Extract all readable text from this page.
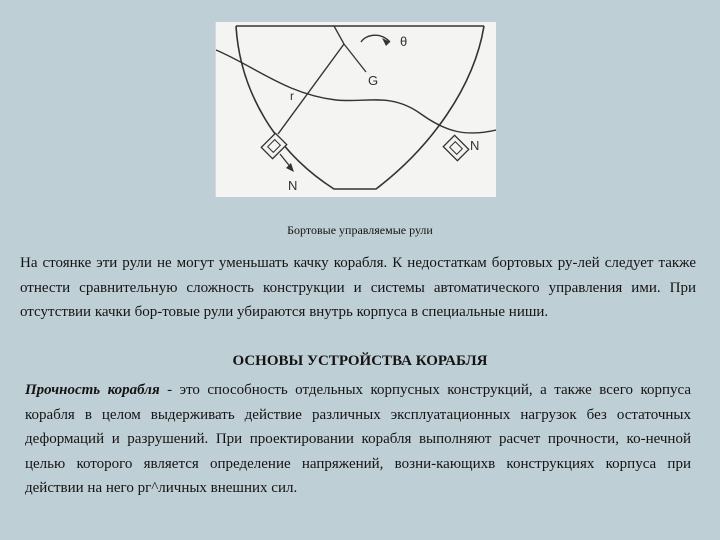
θ
G
r
N
N

Бортовые управляемые рули

На стоянке эти рули не могут уменьшать качку корабля. К недостаткам бортовых ру-лей следует также отнести сравнительную сложность конструкции и системы автоматического управления ими. При отсутствии качки бор-товые рули убираются внутрь корпуса в специальные ниши.

ОСНОВЫ УСТРОЙСТВА КОРАБЛЯ

Прочность корабля - это способность отдельных корпусных конструкций, а также всего корпуса корабля в целом выдерживать действие различных эксплуатационных нагрузок без остаточных деформаций и разрушений. При проектировании корабля выполняют расчет прочности, ко-нечной целью которого является определение напряжений, возни-кающихв конструкциях корпуса при действии на него рг^личных внешних сил.
